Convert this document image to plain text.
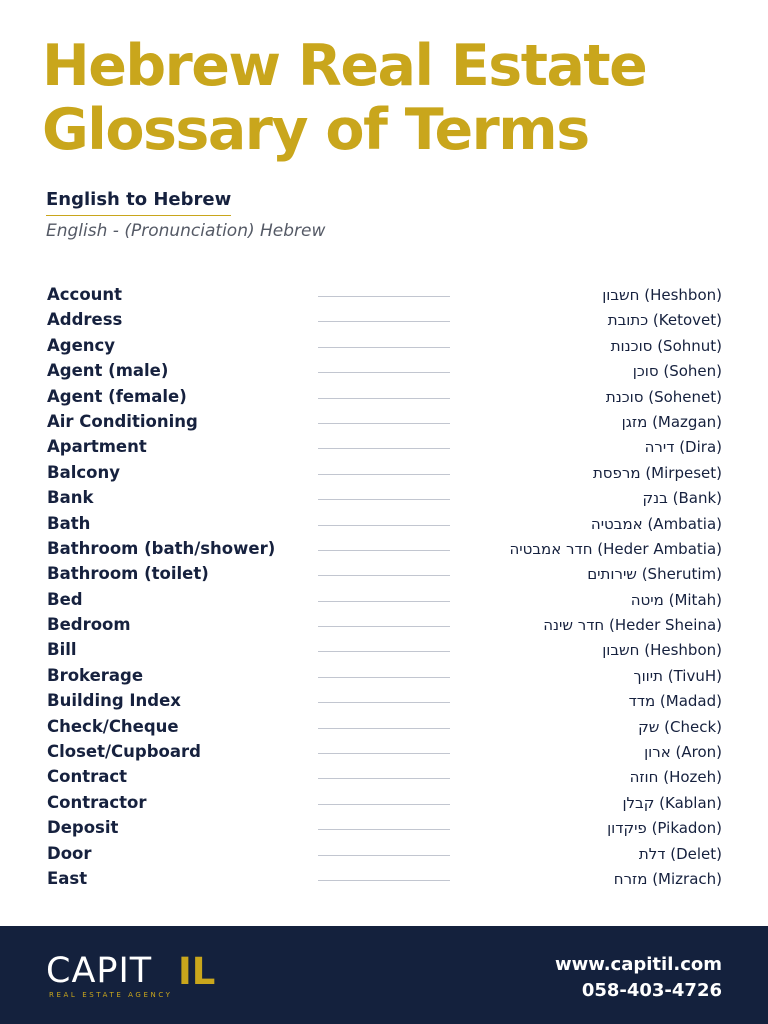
Hebrew Real Estate
Glossary of Terms
English to Hebrew
English - (Pronunciation) Hebrew
Account	חשבון (Heshbon)
Address	כתובת (Ketovet)
Agency	סוכנות (Sohnut)
Agent (male)	סוכן (Sohen)
Agent (female)	סוכנת (Sohenet)
Air Conditioning	מזגן (Mazgan)
Apartment	דירה (Dira)
Balcony	מרפסת (Mirpeset)
Bank	בנק (Bank)
Bath	אמבטיה (Ambatia)
Bathroom (bath/shower)	חדר אמבטיה (Heder Ambatia)
Bathroom (toilet)	שירותים (Sherutim)
Bed	מיטה (Mitah)
Bedroom	חדר שינה (Heder Sheina)
Bill	חשבון (Heshbon)
Brokerage	תיווך (TivuH)
Building Index	מדד (Madad)
Check/Cheque	שק (Check)
Closet/Cupboard	ארון (Aron)
Contract	חוזה (Hozeh)
Contractor	קבלן (Kablan)
Deposit	פיקדון (Pikadon)
Door	דלת (Delet)
East	מזרח (Mizrach)
CAPIT IL
REAL ESTATE AGENCY
www.capitil.com
058-403-4726
